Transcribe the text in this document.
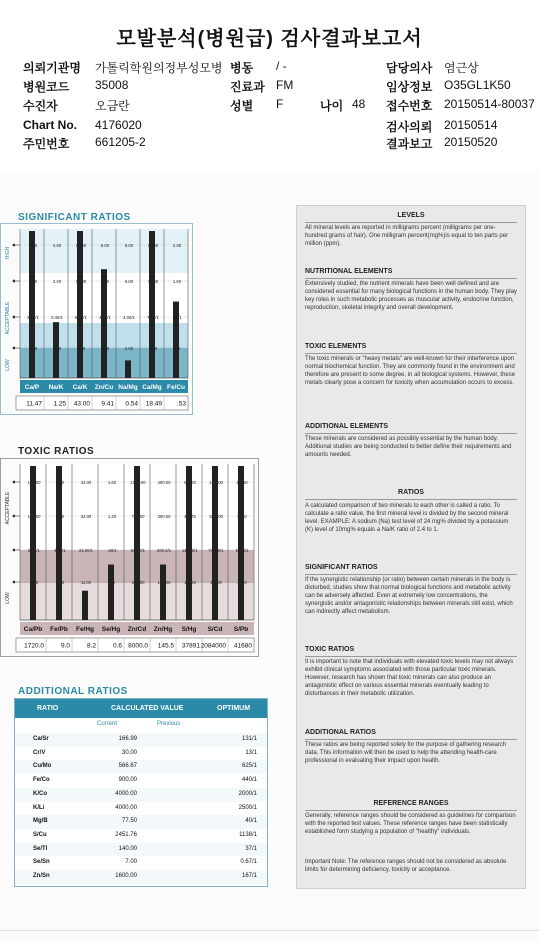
모발분석(병원급) 검사결과보고서
의뢰기관명 가톨릭학원의정부성모병 병동 / -	담당의사 염근상
병원코드 35008	진료과 FM	임상정보 O35GL1K50
수진자	오금란	성별 F	나이 48 접수번호 20150514-80037
Chart No. 4176020	검사의뢰 20150514
주민번호 661205-2	결과보고 20150520
SIGNIFICANT RATIOS
HIGH
ACCEPTABLE
LOW
4.20
3.00
2.60/1
1.40
4.40
3.40
2.40/1
1.40
16.00
12.00
8.00/1
4.00
8.00
6.00
4.00/1
2.00
6.00
6.00
4.00/1
2.00
15.00
11.00
7.00/1
3.00
2.30
1.60
.90/1
.20
Ca/P Na/K Ca/K Zn/Cu Na/Mg Ca/Mg Fe/Cu
11.47 1.25 43.00 9.41 0.54 18.49 .53
TOXIC RATIOS
ACCEPTABLE
LOW
190.00
128.00
84.0/1
42.0
8.80
6.60
4.40/1
2.20
44.00
33.00
22.00/1
11.00
1.60
1.20
.80/1
.40
1000.00
750.00
500.0/1
250.00
400.00
300.00
200.0/1
100.00
56000
42075
28050/1
14025
142000
106500
71000/1
35500
11760
8820
5880/1
2940
Ca/Pb Fe/Pb Fe/Hg Se/Hg Zn/Cd Zn/Hg S/Hg S/Cd S/Pb
1720.0	9.0	8.2	0.6 8000.0 145.5 37891 2084000 41680
ADDITIONAL RATIOS
RATIO	CALCULATED VALUE	OPTIMUM
Current	Previous
Ca/Sr	166.99	131/1
Cr/V	30.00	13/1
Cu/Mo	566.67	625/1
Fe/Co	900.00	440/1
K/Co	4000.00	2000/1
K/Li	4000.00	2500/1
Mg/B	77.50	40/1
S/Cu	2451.76	1138/1
Se/Tl	140.00	37/1
Se/Sn	7.00	0.67/1
Zn/Sn	1600.00	167/1
LEVELS
All mineral levels are reported in milligrams percent (milligrams per one-hundred grams of hair). One milligram percent(mg%)is equal to ten parts per million (ppm).
NUTRITIONAL ELEMENTS
Extensively studied, the nutrient minerals have been well defined and are considered essential for many biological functions in the human body. They play key roles in such metabolic processes as muscular activity, endocrine function, reproduction, skeletal integrity and overall development.
TOXIC ELEMENTS
The toxic minerals or "heavy metals" are well-known for their interference upon normal biochemical function. They are commonly found in the environment and therefore are present to some degree, in all biological systems. However, these metals clearly pose a concern for toxicity when accumulation occurs to excess.
ADDITIONAL ELEMENTS
These minerals are considered as possibly essential by the human body. Additional studies are being conducted to better define their requirements and amounts needed.
RATIOS
A calculated comparison of two minerals to each other is called a ratio. To calculate a ratio value, the first mineral level is divided by the second mineral level. EXAMPLE: A sodium (Na) test level of 24 mg% divided by a potassium (K) level of 10mg% equals a Na/K ratio of 2.4 to 1.
SIGNIFICANT RATIOS
If the synergistic relationship (or ratio) between certain minerals in the body is disturbed, studies show that normal biological functions and metabolic activity can be adversely affected. Even at extremely low concentrations, the synergistic and/or antagonistic relationships between minerals still exist, which can indirectly affect metabolism.
TOXIC RATIOS
It is important to note that individuals with elevated toxic levels may not always exhibit clinical symptoms associated with those particular toxic minerals. However, research has shown that toxic minerals can also produce an antagonistic effect on various essential minerals eventually leading to disturbances in their metabolic utilization.
ADDITIONAL RATIOS
These ratios are being reported solely for the purpose of gathering research data. This information will then be used to help the attending health-care professional in evaluating their impact upon health.
REFERENCE RANGES
Generally, reference ranges should be considered as guidelines for comparison with the reported test values. These reference ranges have been statistically established form studying a population of "healthy" individuals.
Important Note: The reference ranges should not be considered as absolute limits for determining deficiency, toxicity or acceptance.
